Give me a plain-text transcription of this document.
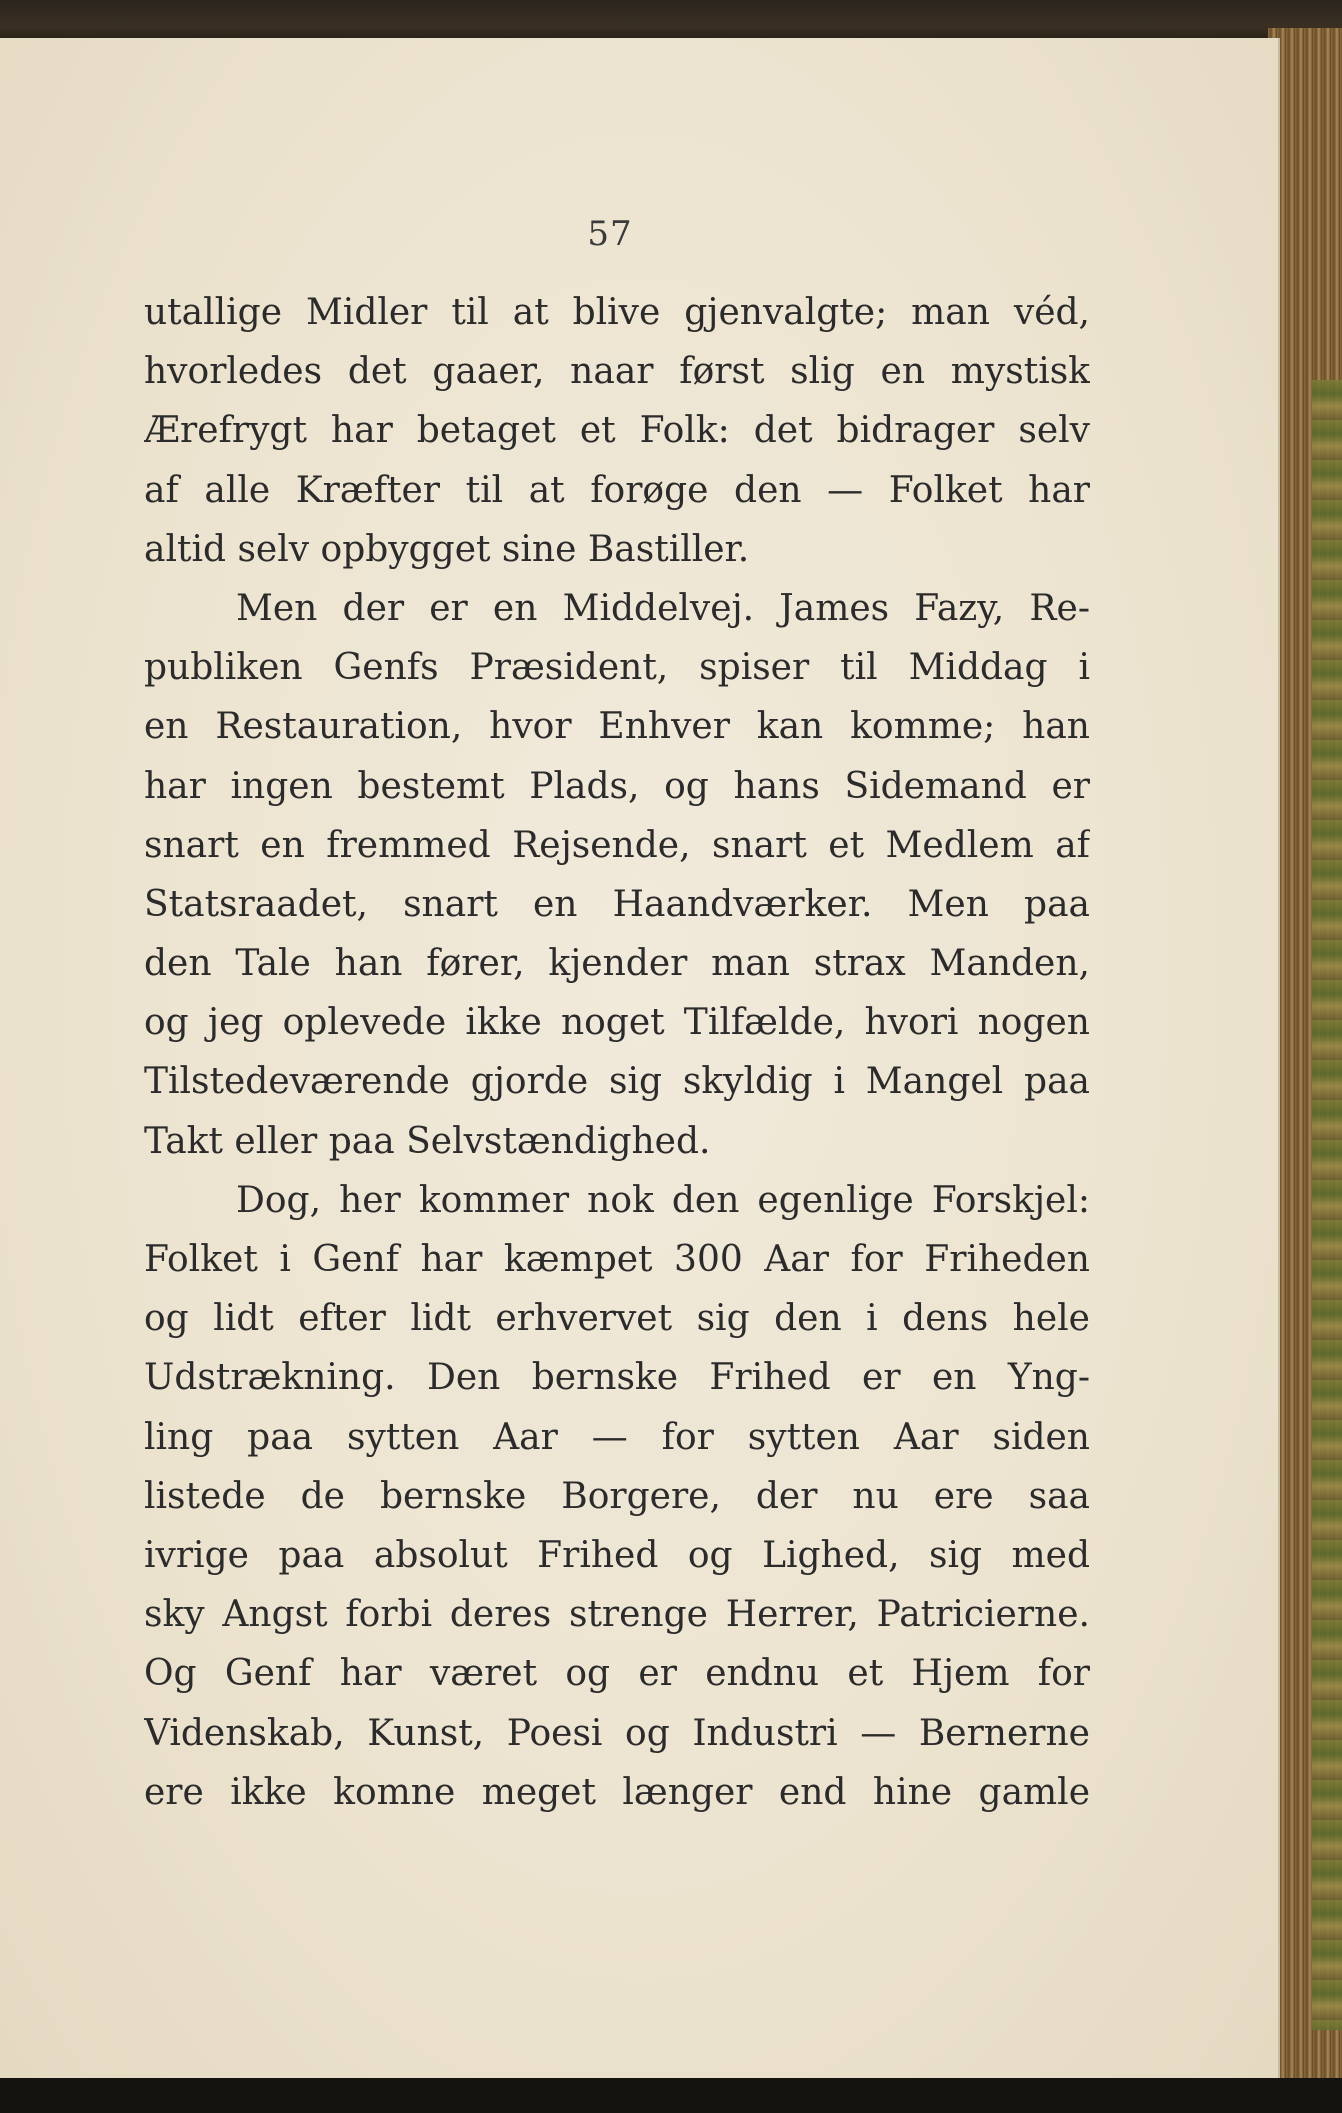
57
utallige Midler til at blive gjenvalgte; man véd,
hvorledes det gaaer, naar først slig en mystisk
Ærefrygt har betaget et Folk: det bidrager selv
af alle Kræfter til at forøge den — Folket har
altid selv opbygget sine Bastiller.
Men der er en Middelvej. James Fazy, Re-
publiken Genfs Præsident, spiser til Middag i
en Restauration, hvor Enhver kan komme; han
har ingen bestemt Plads, og hans Sidemand er
snart en fremmed Rejsende, snart et Medlem af
Statsraadet, snart en Haandværker. Men paa
den Tale han fører, kjender man strax Manden,
og jeg oplevede ikke noget Tilfælde, hvori nogen
Tilstedeværende gjorde sig skyldig i Mangel paa
Takt eller paa Selvstændighed.
Dog, her kommer nok den egenlige Forskjel:
Folket i Genf har kæmpet 300 Aar for Friheden
og lidt efter lidt erhvervet sig den i dens hele
Udstrækning. Den bernske Frihed er en Yng-
ling paa sytten Aar — for sytten Aar siden
listede de bernske Borgere, der nu ere saa
ivrige paa absolut Frihed og Lighed, sig med
sky Angst forbi deres strenge Herrer, Patricierne.
Og Genf har været og er endnu et Hjem for
Videnskab, Kunst, Poesi og Industri — Bernerne
ere ikke komne meget længer end hine gamle
